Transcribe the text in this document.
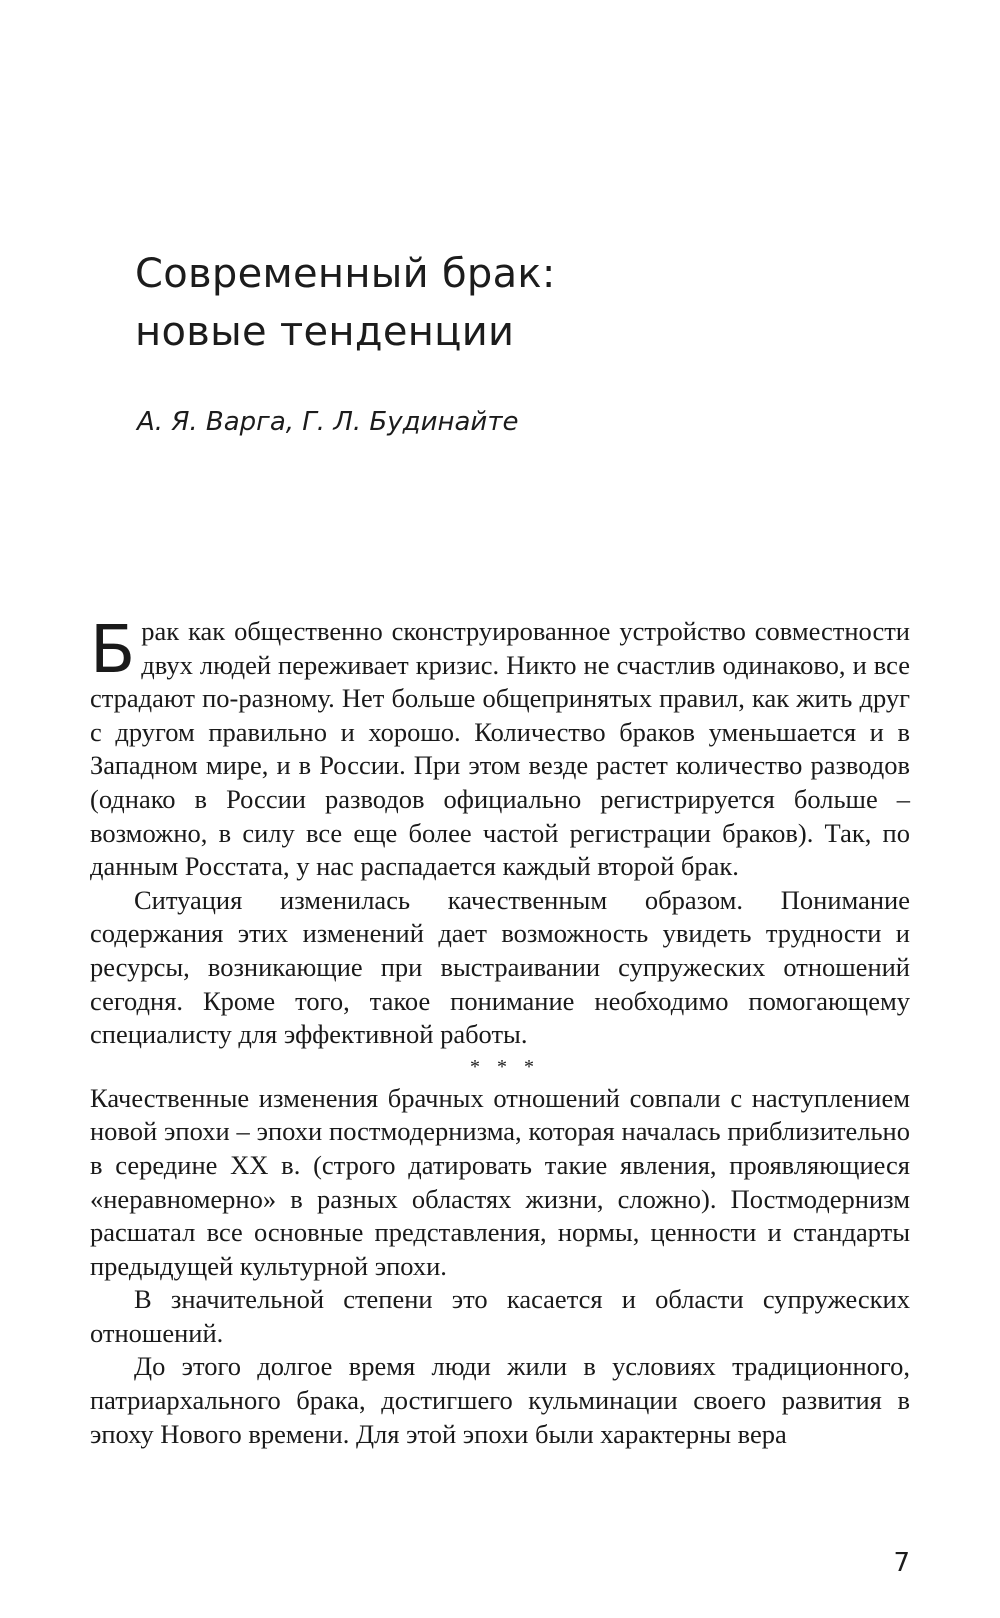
Современный брак:
новые тенденции
А. Я. Варга, Г. Л. Будинайте

Брак как общественно сконструированное устройство совместности двух людей переживает кризис. Никто не счастлив одинаково, и все страдают по-разному. Нет больше общепринятых правил, как жить друг с другом правильно и хорошо. Количество браков уменьшается и в Западном мире, и в России. При этом везде растет количество разводов (однако в России разводов официально регистрируется больше – возможно, в силу все еще более частой регистрации браков). Так, по данным Росстата, у нас распадается каждый второй брак.

Ситуация изменилась качественным образом. Понимание содержания этих изменений дает возможность увидеть трудности и ресурсы, возникающие при выстраивании супружеских отношений сегодня. Кроме того, такое понимание необходимо помогающему специалисту для эффективной работы.

* * *

Качественные изменения брачных отношений совпали с наступлением новой эпохи – эпохи постмодернизма, которая началась приблизительно в середине XX в. (строго датировать такие явления, проявляющиеся «неравномерно» в разных областях жизни, сложно). Постмодернизм расшатал все основные представления, нормы, ценности и стандарты предыдущей культурной эпохи.

В значительной степени это касается и области супружеских отношений.

До этого долгое время люди жили в условиях традиционного, патриархального брака, достигшего кульминации своего развития в эпоху Нового времени. Для этой эпохи были характерны вера

7
